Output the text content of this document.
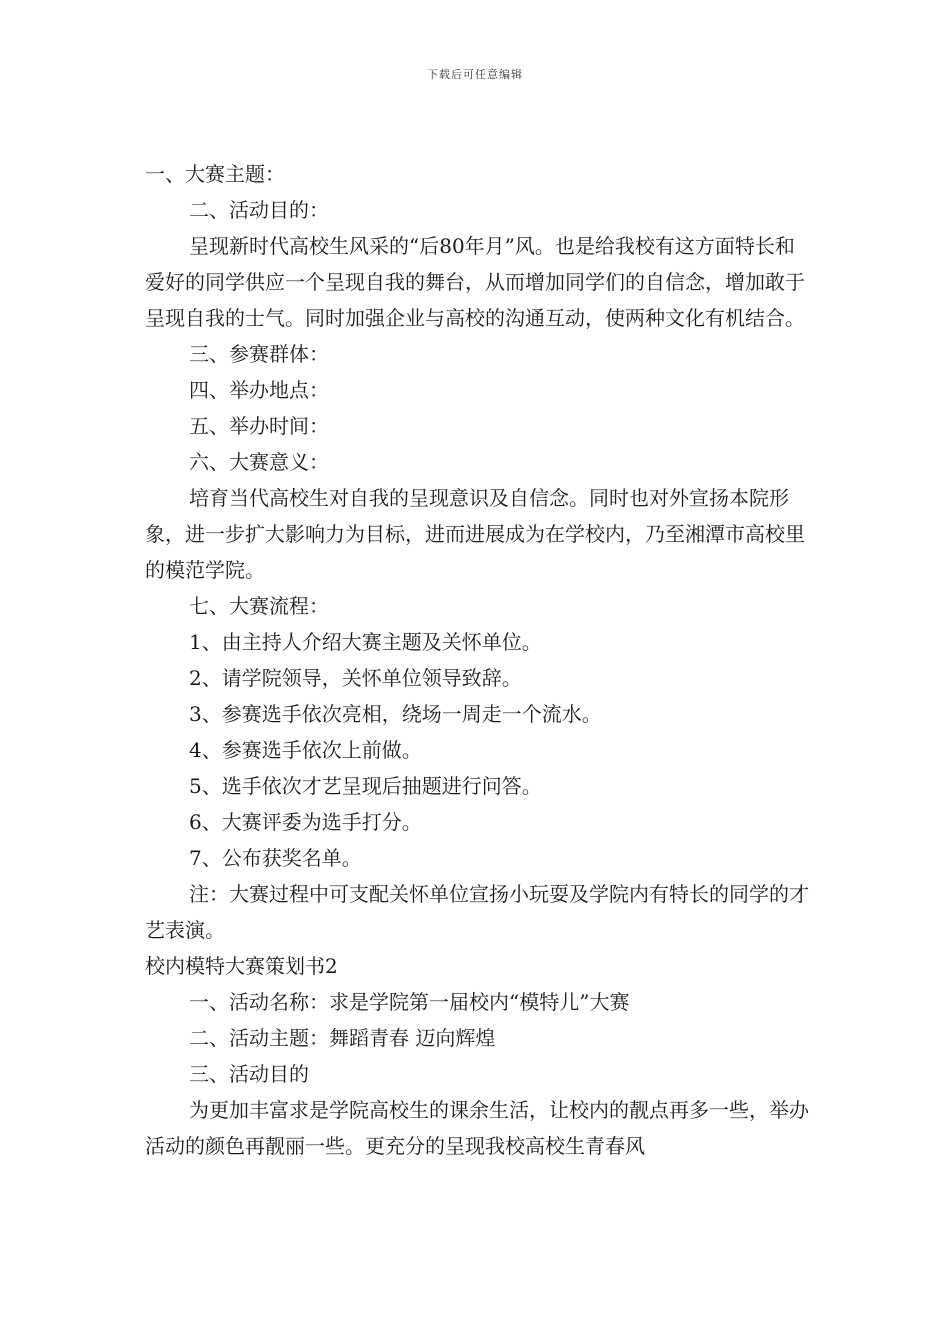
下载后可任意编辑

一、大赛主题：

二、活动目的：

呈现新时代高校生风采的“后80年月”风。也是给我校有这方面特长和爱好的同学供应一个呈现自我的舞台，从而增加同学们的自信念，增加敢于呈现自我的士气。同时加强企业与高校的沟通互动，使两种文化有机结合。

三、参赛群体：

四、举办地点：

五、举办时间：

六、大赛意义：

培育当代高校生对自我的呈现意识及自信念。同时也对外宣扬本院形象，进一步扩大影响力为目标，进而进展成为在学校内，乃至湘潭市高校里的模范学院。

七、大赛流程：

1、由主持人介绍大赛主题及关怀单位。

2、请学院领导，关怀单位领导致辞。

3、参赛选手依次亮相，绕场一周走一个流水。

4、参赛选手依次上前做。

5、选手依次才艺呈现后抽题进行问答。

6、大赛评委为选手打分。

7、公布获奖名单。

注：大赛过程中可支配关怀单位宣扬小玩耍及学院内有特长的同学的才艺表演。

校内模特大赛策划书2

一、活动名称：求是学院第一届校内“模特儿”大赛

二、活动主题：舞蹈青春 迈向辉煌

三、活动目的

为更加丰富求是学院高校生的课余生活，让校内的靓点再多一些，举办活动的颜色再靓丽一些。更充分的呈现我校高校生青春风
